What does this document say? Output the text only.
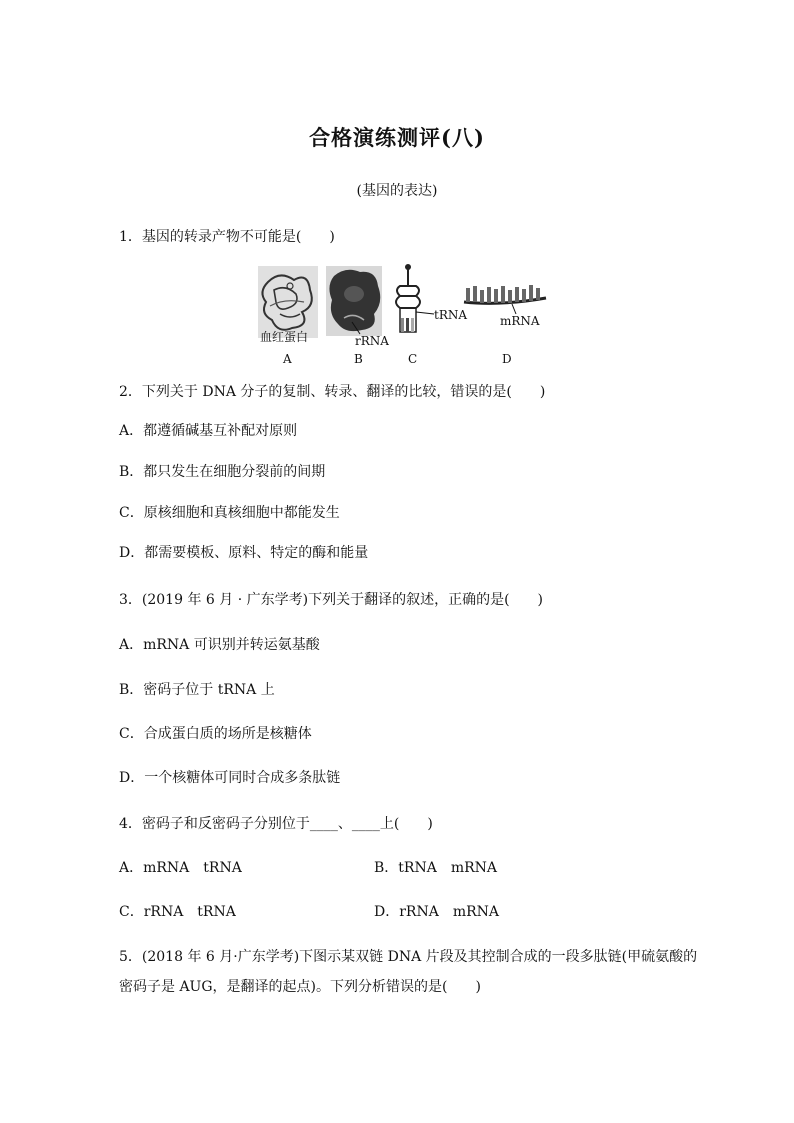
合格演练测评(八)
(基因的表达)
1．基因的转录产物不可能是(　　)
血红蛋白	rRNA
tRNA	mRNA
A	B	C	D
2．下列关于 DNA 分子的复制、转录、翻译的比较，错误的是(　　)
A．都遵循碱基互补配对原则
B．都只发生在细胞分裂前的间期
C．原核细胞和真核细胞中都能发生
D．都需要模板、原料、特定的酶和能量
3．(2019 年 6 月 · 广东学考)下列关于翻译的叙述，正确的是(　　)
A．mRNA 可识别并转运氨基酸
B．密码子位于 tRNA 上
C．合成蛋白质的场所是核糖体
D．一个核糖体可同时合成多条肽链
4．密码子和反密码子分别位于____、____上(　　)
A．mRNA　tRNA	B．tRNA　mRNA
C．rRNA　tRNA	D．rRNA　mRNA
5．(2018 年 6 月·广东学考)下图示某双链 DNA 片段及其控制合成的一段多肽链(甲硫氨酸的
密码子是 AUG，是翻译的起点)。下列分析错误的是(　　)
